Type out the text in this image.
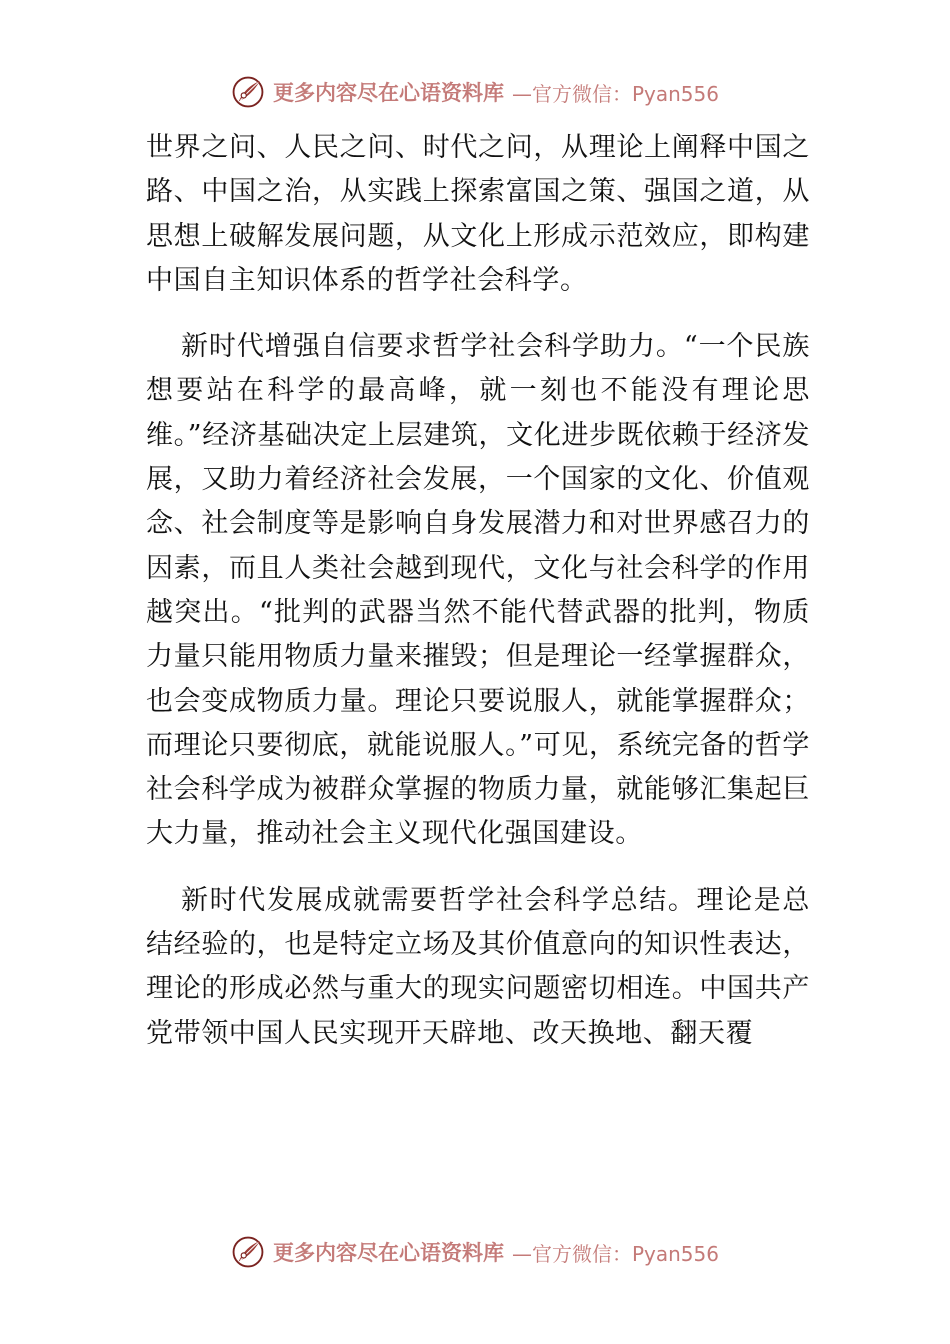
更多内容尽在心语资料库 —官方微信：Pyan556

世界之问、人民之问、时代之问，从理论上阐释中国之路、中国之治，从实践上探索富国之策、强国之道，从思想上破解发展问题，从文化上形成示范效应，即构建中国自主知识体系的哲学社会科学。

新时代增强自信要求哲学社会科学助力。“一个民族想要站在科学的最高峰，就一刻也不能没有理论思维。”经济基础决定上层建筑，文化进步既依赖于经济发展，又助力着经济社会发展，一个国家的文化、价值观念、社会制度等是影响自身发展潜力和对世界感召力的因素，而且人类社会越到现代，文化与社会科学的作用越突出。“批判的武器当然不能代替武器的批判，物质力量只能用物质力量来摧毁；但是理论一经掌握群众，也会变成物质力量。理论只要说服人，就能掌握群众；而理论只要彻底，就能说服人。”可见，系统完备的哲学社会科学成为被群众掌握的物质力量，就能够汇集起巨大力量，推动社会主义现代化强国建设。

新时代发展成就需要哲学社会科学总结。理论是总结经验的，也是特定立场及其价值意向的知识性表达，理论的形成必然与重大的现实问题密切相连。中国共产党带领中国人民实现开天辟地、改天换地、翻天覆

更多内容尽在心语资料库 —官方微信：Pyan556
